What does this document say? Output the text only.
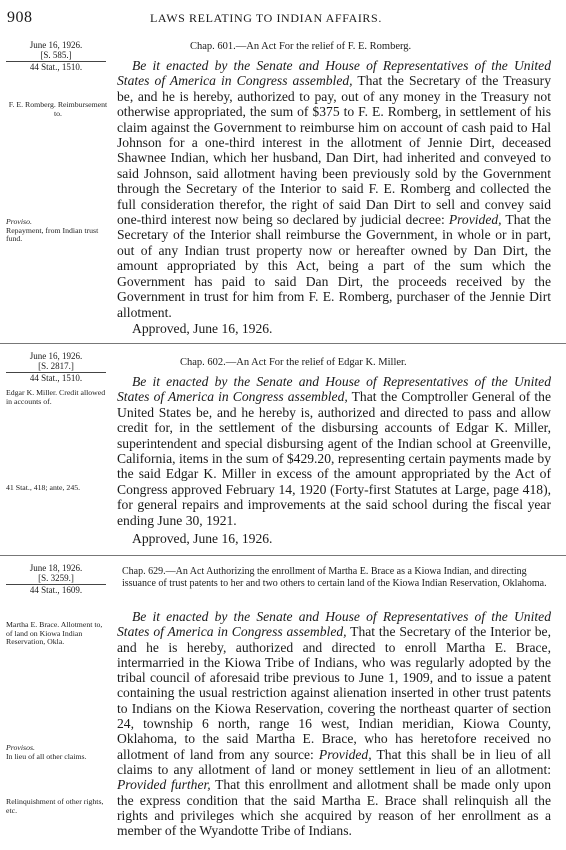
908	LAWS RELATING TO INDIAN AFFAIRS.
June 16, 1926.
[S. 585.]
44 Stat., 1510.
Chap. 601.—An Act For the relief of F. E. Romberg.
F. E. Romberg. Reimbursement to.
Proviso.
Repayment, from Indian trust fund.
Be it enacted by the Senate and House of Representatives of the United States of America in Congress assembled, That the Secretary of the Treasury be, and he is hereby, authorized to pay, out of any money in the Treasury not otherwise appropriated, the sum of $375 to F. E. Romberg, in settlement of his claim against the Government to reimburse him on account of cash paid to Hal Johnson for a one-third interest in the allotment of Jennie Dirt, deceased Shawnee Indian, which her husband, Dan Dirt, had inherited and conveyed to said Johnson, said allotment having been previously sold by the Government through the Secretary of the Interior to said F. E. Romberg and collected the full consideration therefor, the right of said Dan Dirt to sell and convey said one-third interest now being so declared by judicial decree: Provided, That the Secretary of the Interior shall reimburse the Government, in whole or in part, out of any Indian trust property now or hereafter owned by Dan Dirt, the amount appropriated by this Act, being a part of the sum which the Government has paid to said Dan Dirt, the proceeds received by the Government in trust for him from F. E. Romberg, purchaser of the Jennie Dirt allotment.
Approved, June 16, 1926.
June 16, 1926.
[S. 2817.]
44 Stat., 1510.
Chap. 602.—An Act For the relief of Edgar K. Miller.
Edgar K. Miller. Credit allowed in accounts of.
41 Stat., 418; ante, 245.
Be it enacted by the Senate and House of Representatives of the United States of America in Congress assembled, That the Comptroller General of the United States be, and he hereby is, authorized and directed to pass and allow credit for, in the settlement of the disbursing accounts of Edgar K. Miller, superintendent and special disbursing agent of the Indian school at Greenville, California, items in the sum of $429.20, representing certain payments made by the said Edgar K. Miller in excess of the amount appropriated by the Act of Congress approved February 14, 1920 (Forty-first Statutes at Large, page 418), for general repairs and improvements at the said school during the fiscal year ending June 30, 1921.
Approved, June 16, 1926.
June 18, 1926.
[S. 3259.]
44 Stat., 1609.
Chap. 629.—An Act Authorizing the enrollment of Martha E. Brace as a Kiowa Indian, and directing issuance of trust patents to her and two others to certain land of the Kiowa Indian Reservation, Oklahoma.
Martha E. Brace. Allotment to, of land on Kiowa Indian Reservation, Okla.
Provisos.
In lieu of all other claims.
Relinquishment of other rights, etc.
Be it enacted by the Senate and House of Representatives of the United States of America in Congress assembled, That the Secretary of the Interior be, and he is hereby, authorized and directed to enroll Martha E. Brace, intermarried in the Kiowa Tribe of Indians, who was regularly adopted by the tribal council of aforesaid tribe previous to June 1, 1909, and to issue a patent containing the usual restriction against alienation inserted in other trust patents to Indians on the Kiowa Reservation, covering the northeast quarter of section 24, township 6 north, range 16 west, Indian meridian, Kiowa County, Oklahoma, to the said Martha E. Brace, who has heretofore received no allotment of land from any source: Provided, That this shall be in lieu of all claims to any allotment of land or money settlement in lieu of an allotment: Provided further, That this enrollment and allotment shall be made only upon the express condition that the said Martha E. Brace shall relinquish all the rights and privileges which she acquired by reason of her enrollment as a member of the Wyandotte Tribe of Indians.
